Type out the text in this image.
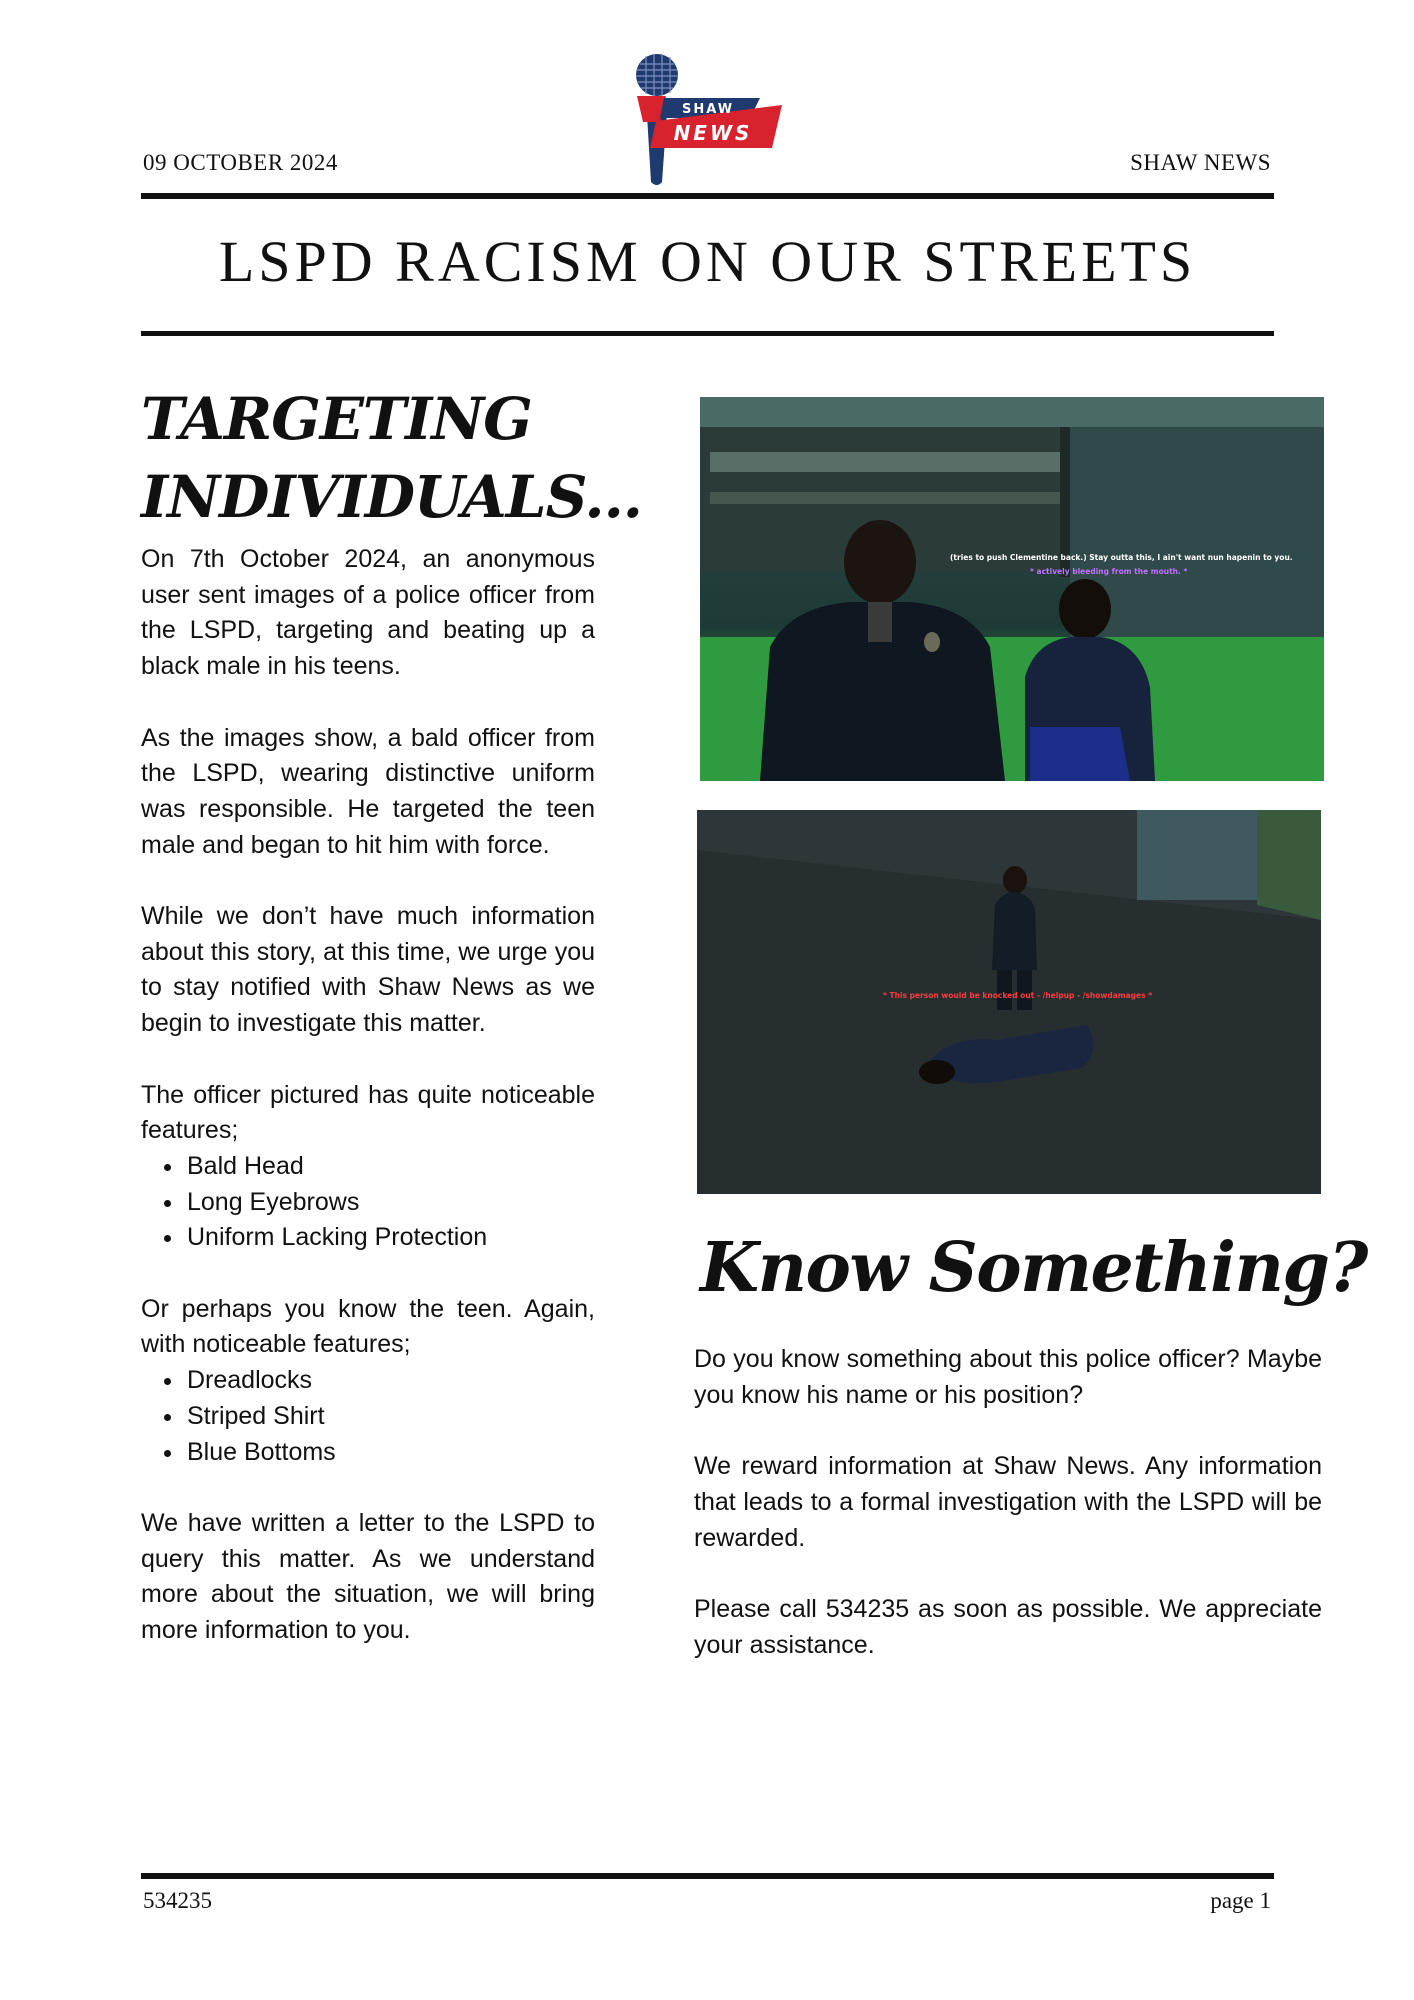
09 OCTOBER 2024	SHAW NEWS
SHAW
NEWS
LSPD RACISM ON OUR STREETS
TARGETING
INDIVIDUALS...

On 7th October 2024, an anonymous user sent images of a police officer from the LSPD, targeting and beating up a black male in his teens.

As the images show, a bald officer from the LSPD, wearing distinctive uniform was responsible. He targeted the teen male and began to hit him with force.

While we don’t have much information about this story, at this time, we urge you to stay notified with Shaw News as we begin to investigate this matter.

The officer pictured has quite noticeable features;

• Bald Head
• Long Eyebrows
• Uniform Lacking Protection

Or perhaps you know the teen. Again, with noticeable features;

• Dreadlocks
• Striped Shirt
• Blue Bottoms

We have written a letter to the LSPD to query this matter. As we understand more about the situation, we will bring more information to you.

(tries to push Clementine back.) Stay outta this, I ain't want nun hapenin to you.
* actively bleeding from the mouth. *
* This person would be knocked out - /helpup - /showdamages *
Know Something?

Do you know something about this police officer? Maybe you know his name or his position?

We reward information at Shaw News. Any information that leads to a formal investigation with the LSPD will be rewarded.

Please call 534235 as soon as possible. We appreciate your assistance.

534235	page 1
